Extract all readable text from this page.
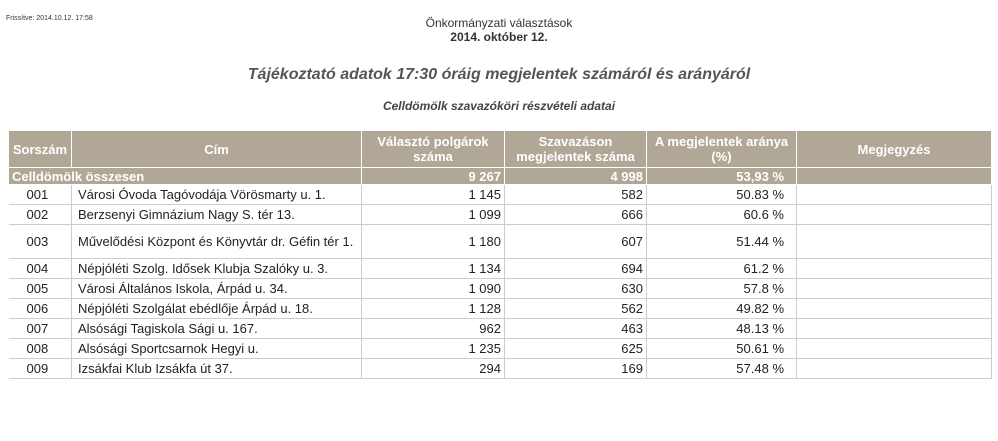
Frissítve: 2014.10.12. 17:58	Önkormányzati választások
2014. október 12.
Tájékoztató adatok 17:30 óráig megjelentek számáról és arányáról
Celldömölk szavazóköri részvételi adatai
Sorszám	Cím	Választó polgárok száma	Szavazáson megjelentek száma	A megjelentek aránya (%)	Megjegyzés
Celldömölk összesen		9 267	4 998	53,93 %	
001	Városi Óvoda Tagóvodája Vörösmarty u. 1.	1 145	582	50.83 %	
002	Berzsenyi Gimnázium Nagy S. tér 13.	1 099	666	60.6 %	
003	Művelődési Központ és Könyvtár dr. Géfin tér 1.	1 180	607	51.44 %	
004	Népjóléti Szolg. Idősek Klubja Szalóky u. 3.	1 134	694	61.2 %	
005	Városi Általános Iskola, Árpád u. 34.	1 090	630	57.8 %	
006	Népjóléti Szolgálat ebédlője Árpád u. 18.	1 128	562	49.82 %	
007	Alsósági Tagiskola Sági u. 167.	962	463	48.13 %	
008	Alsósági Sportcsarnok Hegyi u.	1 235	625	50.61 %	
009	Izsákfai Klub Izsákfa út 37.	294	169	57.48 %	
